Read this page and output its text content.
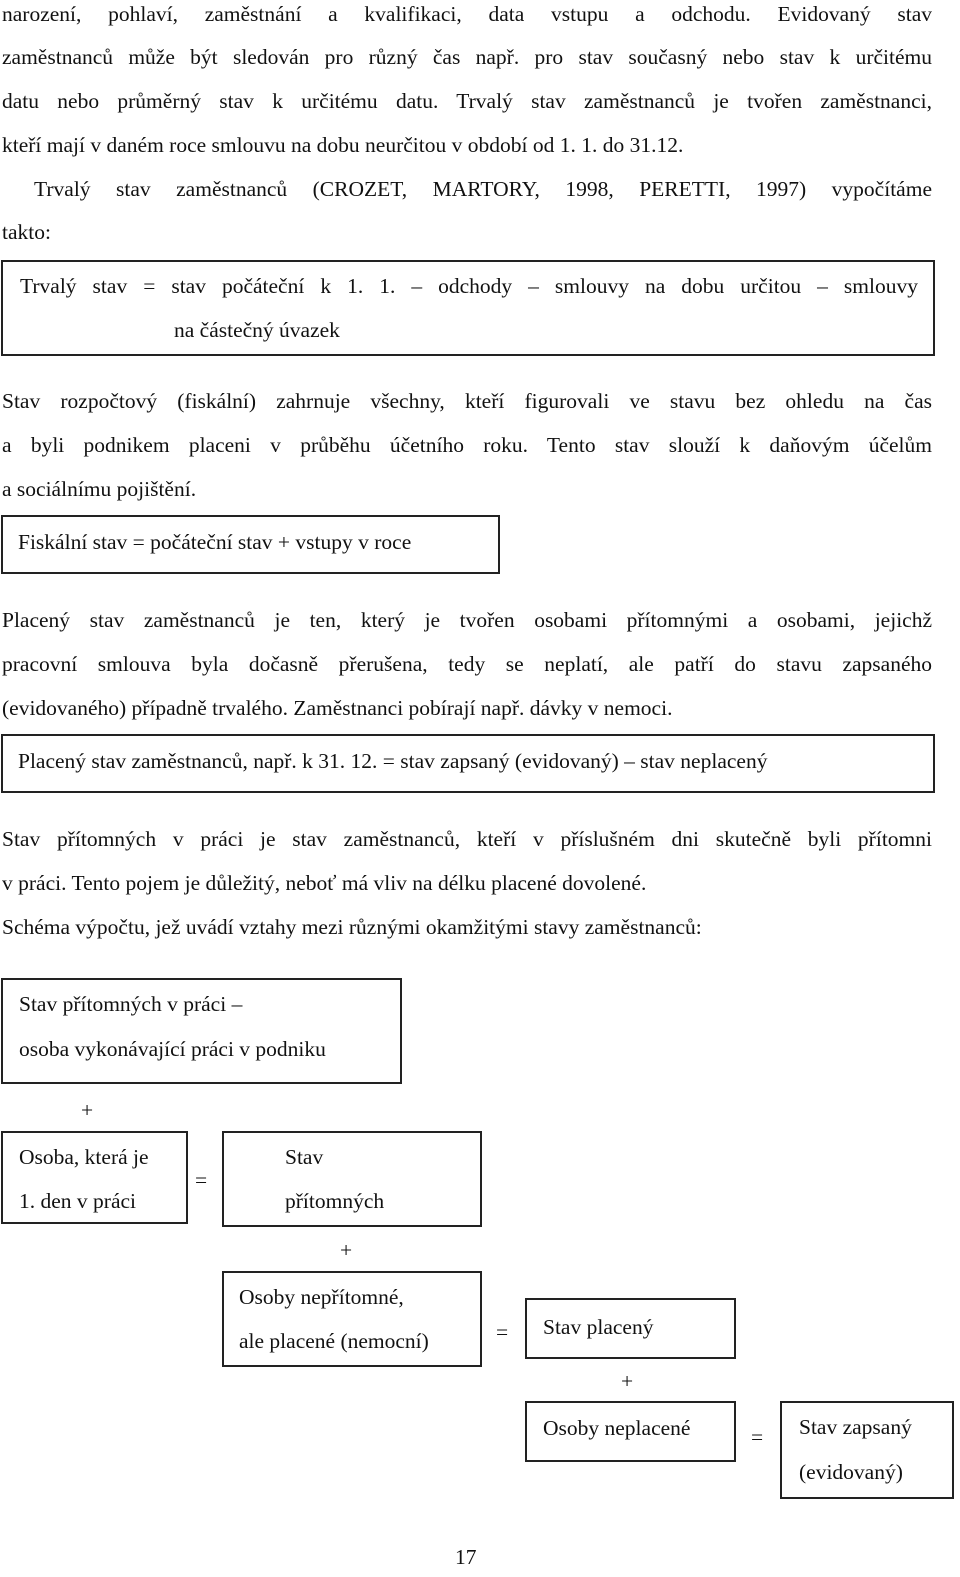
narození, pohlaví, zaměstnání a kvalifikaci, data vstupu a odchodu. Evidovaný stav
zaměstnanců může být sledován pro různý čas např. pro stav současný nebo stav k určitému
datu nebo průměrný stav k určitému datu. Trvalý stav zaměstnanců je tvořen zaměstnanci,
kteří mají v daném roce smlouvu na dobu neurčitou v období od 1. 1. do 31.12.
Trvalý stav zaměstnanců (CROZET, MARTORY, 1998, PERETTI, 1997) vypočítáme
takto:
Trvalý stav = stav počáteční k 1. 1. – odchody – smlouvy na dobu určitou – smlouvy
na částečný úvazek
Stav rozpočtový (fiskální) zahrnuje všechny, kteří figurovali ve stavu bez ohledu na čas
a byli podnikem placeni v průběhu účetního roku. Tento stav slouží k daňovým účelům
a sociálnímu pojištění.
Fiskální stav = počáteční stav + vstupy v roce
Placený stav zaměstnanců je ten, který je tvořen osobami přítomnými a osobami, jejichž
pracovní smlouva byla dočasně přerušena, tedy se neplatí, ale patří do stavu zapsaného
(evidovaného) případně trvalého. Zaměstnanci pobírají např. dávky v nemoci.
Placený stav zaměstnanců, např. k 31. 12. = stav zapsaný (evidovaný) – stav neplacený
Stav přítomných v práci je stav zaměstnanců, kteří v příslušném dni skutečně byli přítomni
v práci. Tento pojem je důležitý, neboť má vliv na délku placené dovolené.
Schéma výpočtu, jež uvádí vztahy mezi různými okamžitými stavy zaměstnanců:
Stav přítomných v práci –
osoba vykonávající práci v podniku
+
Osoba, která je
1. den v práci
=
Stav
přítomných
+
Osoby nepřítomné,
ale placené (nemocní)	= Stav placený
+
Osoby neplacené	= Stav zapsaný
(evidovaný)
17
